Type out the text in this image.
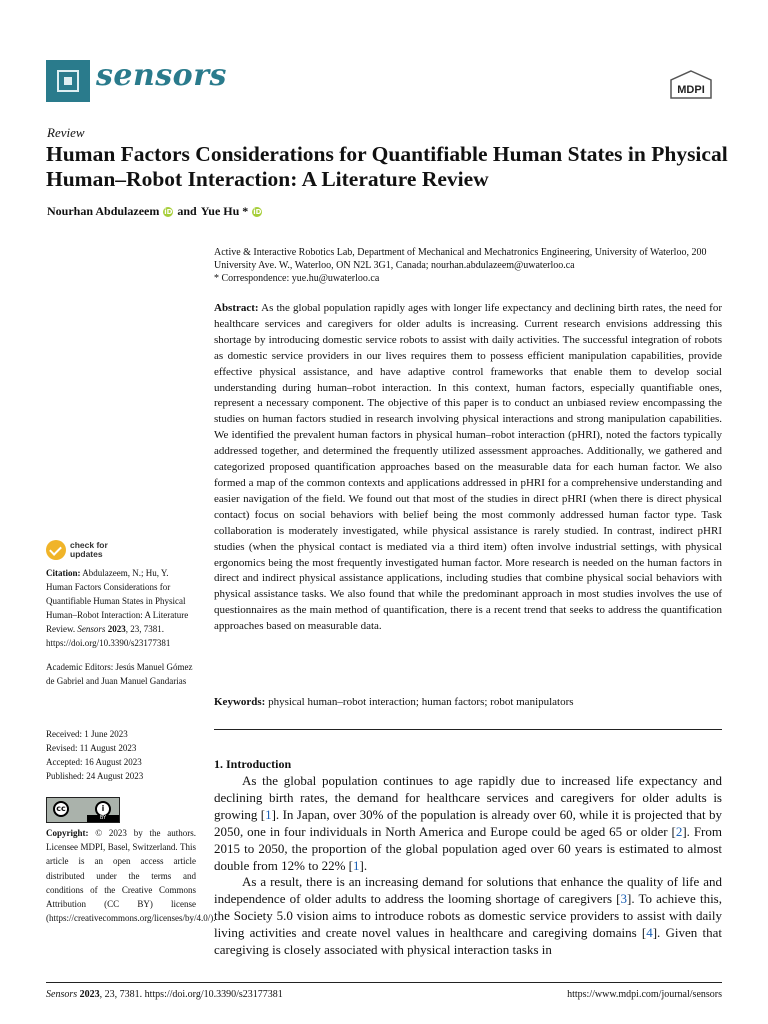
sensors	MDPI
Review
Human Factors Considerations for Quantifiable Human States in Physical Human–Robot Interaction: A Literature Review
Nourhan Abdulazeem iD and Yue Hu * iD
Active & Interactive Robotics Lab, Department of Mechanical and Mechatronics Engineering, University of Waterloo, 200 University Ave. W., Waterloo, ON N2L 3G1, Canada; nourhan.abdulazeem@uwaterloo.ca
* Correspondence: yue.hu@uwaterloo.ca
Abstract: As the global population rapidly ages with longer life expectancy and declining birth rates, the need for healthcare services and caregivers for older adults is increasing. Current research envisions addressing this shortage by introducing domestic service robots to assist with daily activities. The successful integration of robots as domestic service providers in our lives requires them to possess efficient manipulation capabilities, provide effective physical assistance, and have adaptive control frameworks that enable them to develop social understanding during human–robot interaction. In this context, human factors, especially quantifiable ones, represent a necessary component. The objective of this paper is to conduct an unbiased review encompassing the studies on human factors studied in research involving physical interactions and strong manipulation capabilities. We identified the prevalent human factors in physical human–robot interaction (pHRI), noted the factors typically addressed together, and determined the frequently utilized assessment approaches. Additionally, we gathered and categorized proposed quantification approaches based on the measurable data for each human factor. We also formed a map of the common contexts and applications addressed in pHRI for a comprehensive understanding and easier navigation of the field. We found out that most of the studies in direct pHRI (when there is direct physical contact) focus on social behaviors with belief being the most commonly addressed human factor type. Task collaboration is moderately investigated, while physical assistance is rarely studied. In contrast, indirect pHRI studies (when the physical contact is mediated via a third item) often involve industrial settings, with physical ergonomics being the most frequently investigated human factor. More research is needed on the human factors in direct and indirect physical assistance applications, including studies that combine physical social behaviors with physical assistance tasks. We also found that while the predominant approach in most studies involves the use of questionnaires as the main method of quantification, there is a recent trend that seeks to address the quantification approaches based on measurable data.
Keywords: physical human–robot interaction; human factors; robot manipulators
check for
updates

Citation: Abdulazeem, N.; Hu, Y. Human Factors Considerations for Quantifiable Human States in Physical Human–Robot Interaction: A Literature Review. Sensors 2023, 23, 7381. https://doi.org/10.3390/s23177381

Academic Editors: Jesús Manuel Gómez de Gabriel and Juan Manuel Gandarias

Received: 1 June 2023
Revised: 11 August 2023
Accepted: 16 August 2023
Published: 24 August 2023
cc	i
BY
Copyright: © 2023 by the authors. Licensee MDPI, Basel, Switzerland. This article is an open access article distributed under the terms and conditions of the Creative Commons Attribution (CC BY) license (https://creativecommons.org/licenses/by/4.0/).
1. Introduction

As the global population continues to age rapidly due to increased life expectancy and declining birth rates, the demand for healthcare services and caregivers for older adults is growing [1]. In Japan, over 30% of the population is already over 60, while it is projected that by 2050, one in four individuals in North America and Europe could be aged 65 or older [2]. From 2015 to 2050, the proportion of the global population aged over 60 years is estimated to almost double from 12% to 22% [1].

As a result, there is an increasing demand for solutions that enhance the quality of life and independence of older adults to address the looming shortage of caregivers [3]. To achieve this, the Society 5.0 vision aims to introduce robots as domestic service providers to assist with daily living activities and create novel values in healthcare and caregiving domains [4]. Given that caregiving is closely associated with physical interaction tasks in

Sensors 2023, 23, 7381. https://doi.org/10.3390/s23177381	https://www.mdpi.com/journal/sensors
